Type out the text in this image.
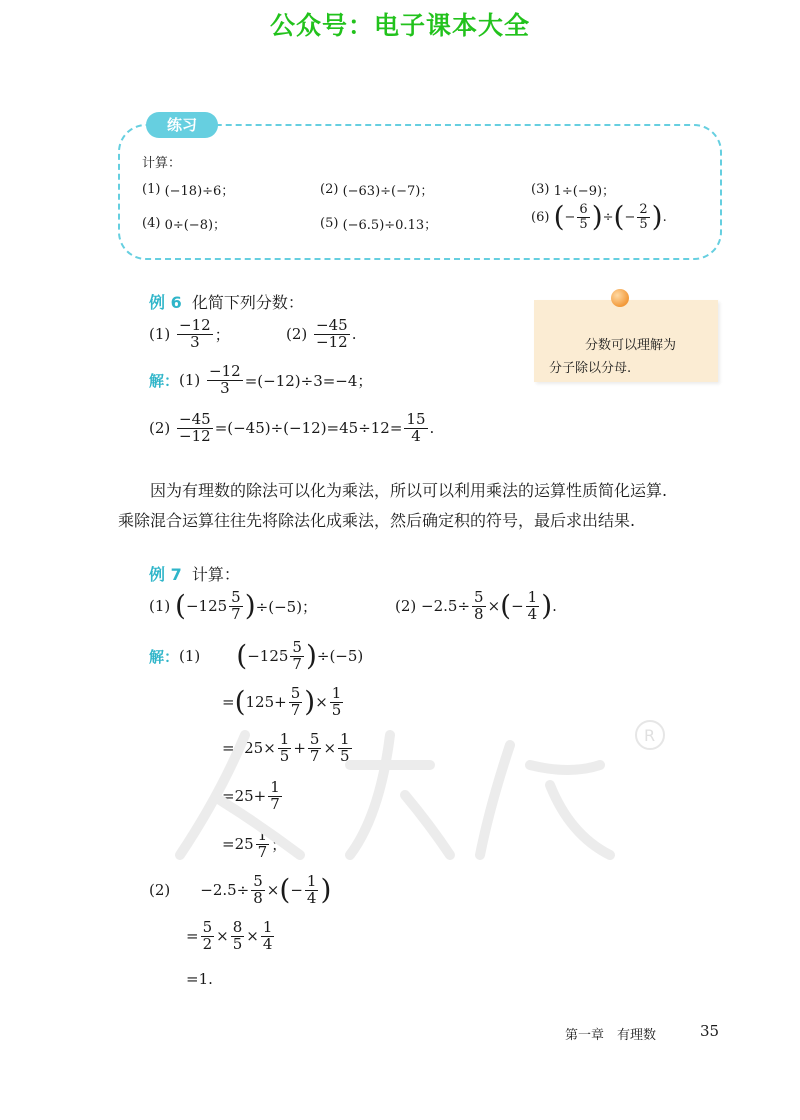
公众号：电子课本大全
练习
计算：
(1)
(−18)÷6；	(2)
(−63)÷(−7)；	(3)
1÷(−9)；
(4)
0÷(−8)；	(5)
(−6.5)÷0.13；
(6)
( − $\frac{6}{5}$ ) ÷ ( − $\frac{2}{5}$ ) .
例 6
化简下列分数：
(1)
$\frac{-12}{3}$ ；	(2)
$\frac{-45}{-12}$ .
解： (1)
$\frac{-12}{3} =(-12)\div 3=-4$；
(2)
$\frac{-45}{-12} =(-45)\div(-12)=45\div 12= \frac{15}{4}$ .
分数可以理解为
分子除以分母.
因为有理数的除法可以化为乘法，所以可以利用乘法的运算性质简化运算.
乘除混合运算往往先将除法化成乘法，然后确定积的符号，最后求出结果.
例 7
计算：
(1)
( $-125 \frac{5}{7}$ ) ÷(−5)；	(2)
$-2.5\div \frac{5}{8}$ × ( − $\frac{1}{4}$ ) .
解： (1) ( $-125 \frac{5}{7}$ ) ÷(−5)
= ( $125+ \frac{5}{7}$ ) × $\frac{1}{5}$
$=125\times \frac{1}{5} + \frac{5}{7} \times \frac{1}{5}$
$=25+ \frac{1}{7}$
$=25 \frac{1}{7}$ ；
$(2) -2.5\div \frac{5}{8}$ × ( − $\frac{1}{4}$ )
= $\frac{5}{2} \times \frac{8}{5} \times \frac{1}{4}$
=1.
R
第一章　有理数	35
